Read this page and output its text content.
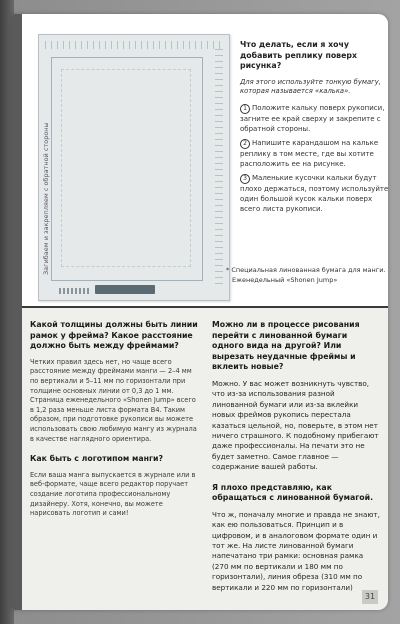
Загибаем и закрепляем с обратной стороны

Что делать, если я хочу добавить реплику поверх рисунка?

Для этого используйте тонкую бумагу, которая называется «калька».

1 Положите кальку поверх рукописи, загните ее край сверху и закрепите с обратной стороны.

2 Напишите карандашом на кальке реплику в том месте, где вы хотите расположить ее на рисунке.

3 Маленькие кусочки кальки будут плохо держаться, поэтому используйте один большой кусок кальки поверх всего листа рукописи.

* Специальная линованная бумага для манги.
Еженедельный «Shonen Jump»

Какой толщины должны быть линии рамок у фрейма? Какое расстояние должно быть между фреймами?

Четких правил здесь нет, но чаще всего расстояние между фреймами манги — 2–4 мм по вертикали и 5–11 мм по горизонтали при толщине основных линии от 0,3 до 1 мм. Страница еженедельного «Shonen Jump» всего в 1,2 раза меньше листа формата B4. Таким образом, при подготовке рукописи вы можете использовать свою любимую мангу из журнала в качестве наглядного ориентира.

Как быть с логотипом манги?

Если ваша манга выпускается в журнале или в веб-формате, чаще всего редактор поручает создание логотипа профессиональному дизайнеру. Хотя, конечно, вы можете нарисовать логотип и сами!

Можно ли в процессе рисования перейти с линованной бумаги одного вида на другой? Или вырезать неудачные фреймы и вклеить новые?

Можно. У вас может возникнуть чувство, что из-за использования разной линованной бумаги или из-за вклейки новых фреймов рукопись перестала казаться цельной, но, поверьте, в этом нет ничего страшного. К подобному прибегают даже профессионалы. На печати это не будет заметно. Самое главное — содержание вашей работы.

Я плохо представляю, как обращаться с линованной бумагой.

Что ж, поначалу многие и правда не знают, как ею пользоваться. Принцип и в цифровом, и в аналоговом формате один и тот же. На листе линованной бумаги напечатано три рамки: основная рамка (270 мм по вертикали и 180 мм по горизонтали), линия обреза (310 мм по вертикали и 220 мм по горизонтали)

31
